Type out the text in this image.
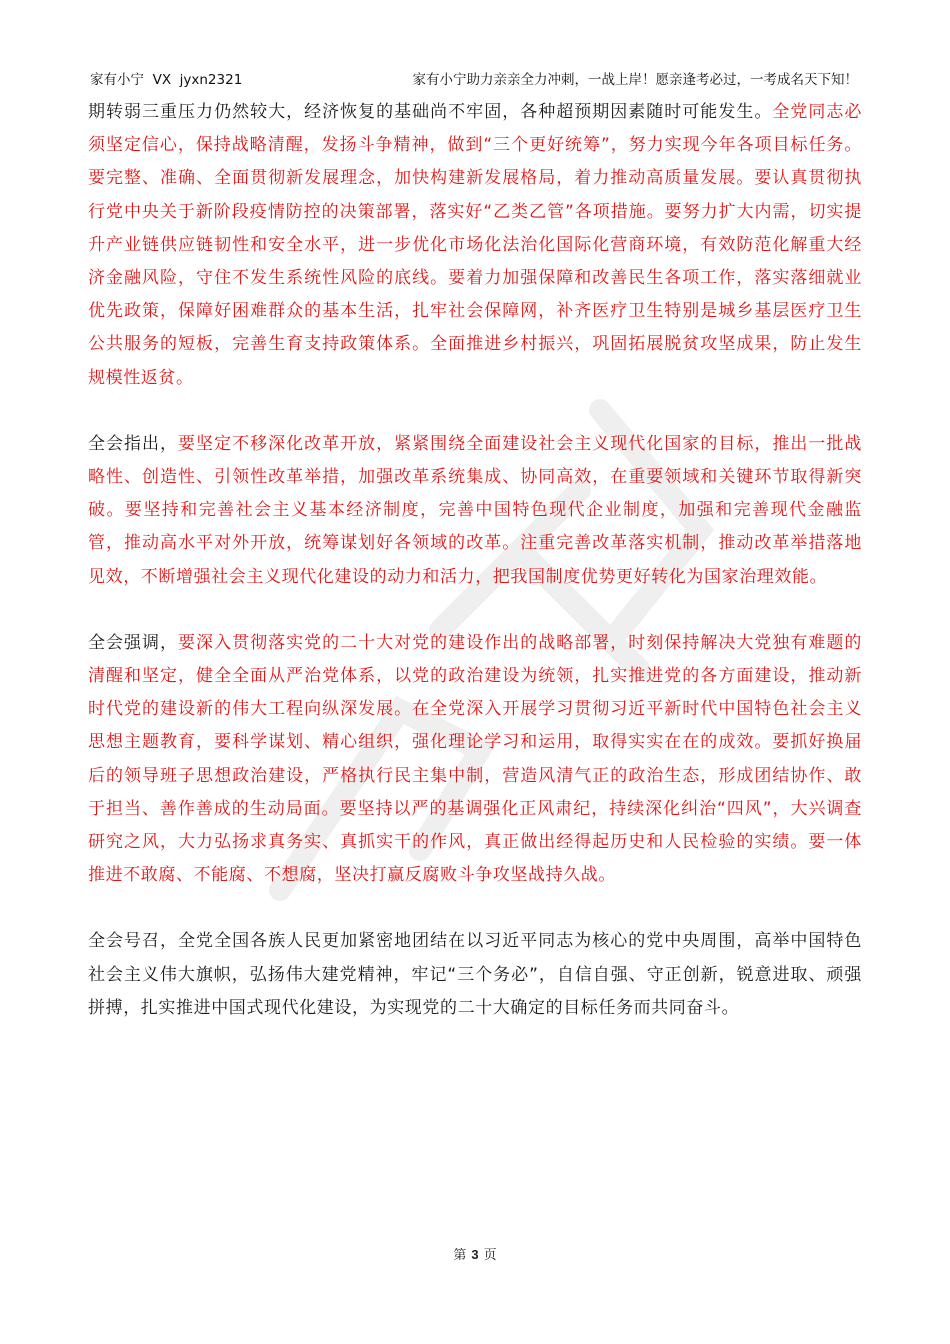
家有小宁  VX  jyxn2321	家有小宁助力亲亲全力冲刺，一战上岸！愿亲逢考必过，一考成名天下知！

期转弱三重压力仍然较大，经济恢复的基础尚不牢固，各种超预期因素随时可能发生。全党同志必须坚定信心，保持战略清醒，发扬斗争精神，做到“三个更好统筹”，努力实现今年各项目标任务。要完整、准确、全面贯彻新发展理念，加快构建新发展格局，着力推动高质量发展。要认真贯彻执行党中央关于新阶段疫情防控的决策部署，落实好“乙类乙管”各项措施。要努力扩大内需，切实提升产业链供应链韧性和安全水平，进一步优化市场化法治化国际化营商环境，有效防范化解重大经济金融风险，守住不发生系统性风险的底线。要着力加强保障和改善民生各项工作，落实落细就业优先政策，保障好困难群众的基本生活，扎牢社会保障网，补齐医疗卫生特别是城乡基层医疗卫生公共服务的短板，完善生育支持政策体系。全面推进乡村振兴，巩固拓展脱贫攻坚成果，防止发生规模性返贫。

全会指出，要坚定不移深化改革开放，紧紧围绕全面建设社会主义现代化国家的目标，推出一批战略性、创造性、引领性改革举措，加强改革系统集成、协同高效，在重要领域和关键环节取得新突破。要坚持和完善社会主义基本经济制度，完善中国特色现代企业制度，加强和完善现代金融监管，推动高水平对外开放，统筹谋划好各领域的改革。注重完善改革落实机制，推动改革举措落地见效，不断增强社会主义现代化建设的动力和活力，把我国制度优势更好转化为国家治理效能。

全会强调，要深入贯彻落实党的二十大对党的建设作出的战略部署，时刻保持解决大党独有难题的清醒和坚定，健全全面从严治党体系，以党的政治建设为统领，扎实推进党的各方面建设，推动新时代党的建设新的伟大工程向纵深发展。在全党深入开展学习贯彻习近平新时代中国特色社会主义思想主题教育，要科学谋划、精心组织，强化理论学习和运用，取得实实在在的成效。要抓好换届后的领导班子思想政治建设，严格执行民主集中制，营造风清气正的政治生态，形成团结协作、敢于担当、善作善成的生动局面。要坚持以严的基调强化正风肃纪，持续深化纠治“四风”，大兴调查研究之风，大力弘扬求真务实、真抓实干的作风，真正做出经得起历史和人民检验的实绩。要一体推进不敢腐、不能腐、不想腐，坚决打赢反腐败斗争攻坚战持久战。

全会号召，全党全国各族人民更加紧密地团结在以习近平同志为核心的党中央周围，高举中国特色社会主义伟大旗帜，弘扬伟大建党精神，牢记“三个务必”，自信自强、守正创新，锐意进取、顽强拼搏，扎实推进中国式现代化建设，为实现党的二十大确定的目标任务而共同奋斗。

第 3 页
